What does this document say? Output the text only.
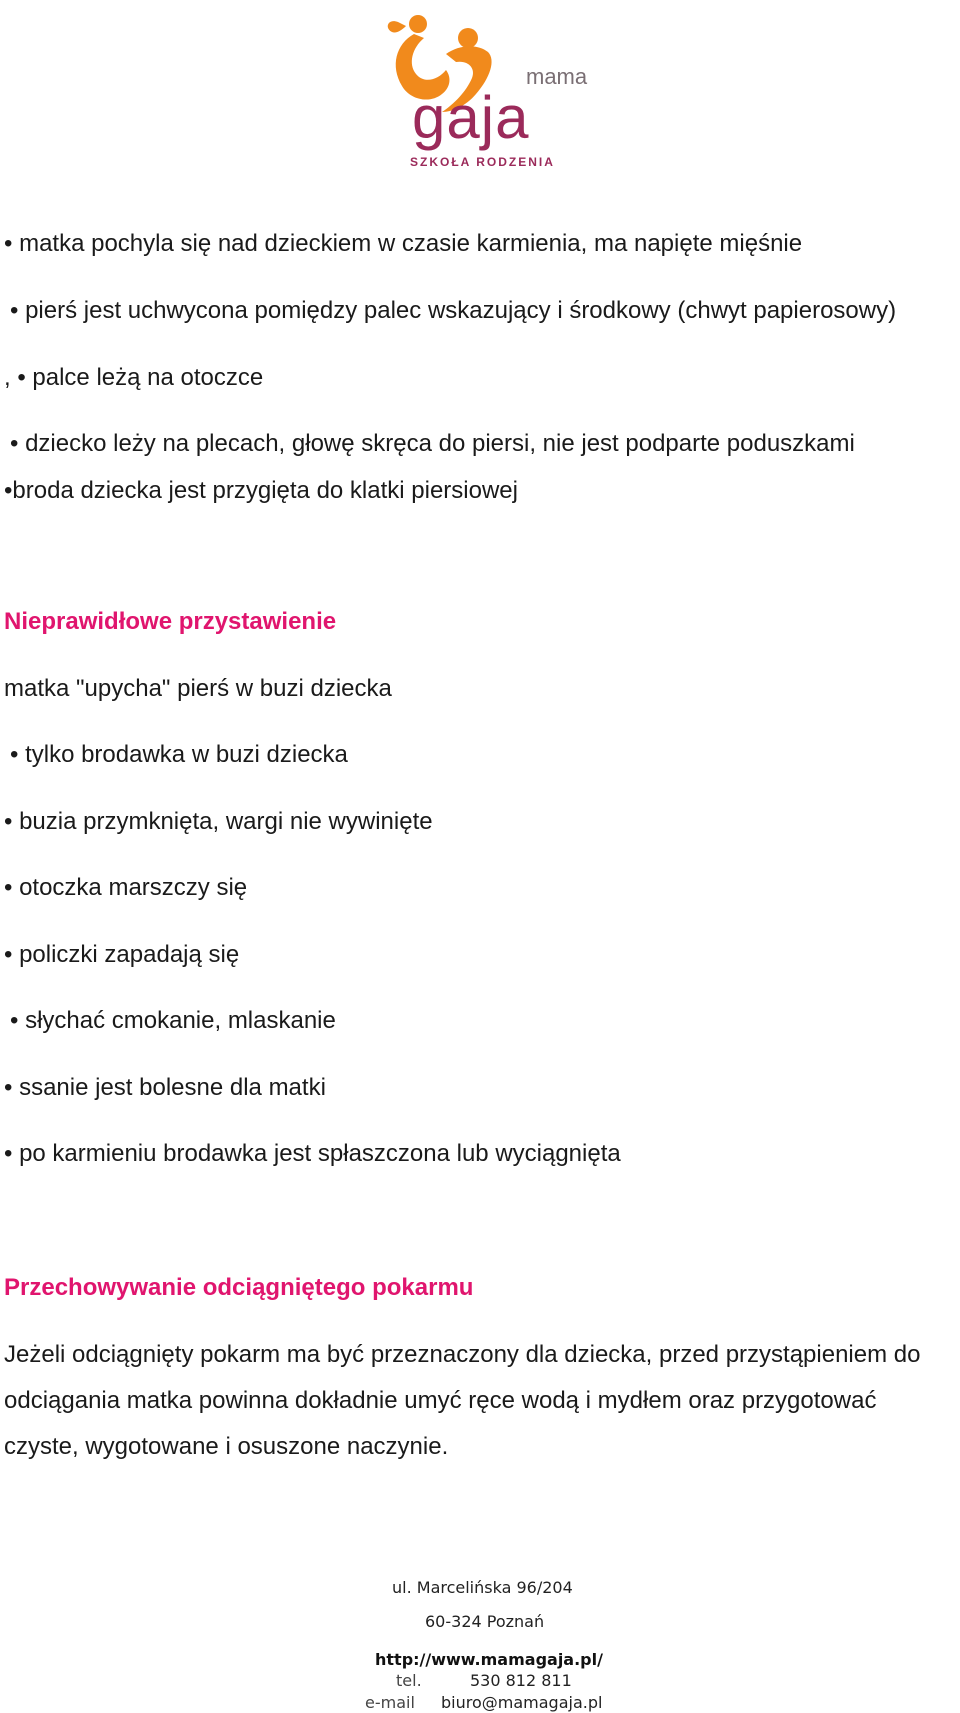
mama
gaja
SZKOŁA RODZENIA
• matka pochyla się nad dzieckiem w czasie karmienia, ma napięte mięśnie
• pierś jest uchwycona pomiędzy palec wskazujący i środkowy (chwyt papierosowy)
, • palce leżą na otoczce
• dziecko leży na plecach, głowę skręca do piersi, nie jest podparte poduszkami
•broda dziecka jest przygięta do klatki piersiowej
Nieprawidłowe przystawienie
matka "upycha" pierś w buzi dziecka
• tylko brodawka w buzi dziecka
• buzia przymknięta, wargi nie wywinięte
• otoczka marszczy się
• policzki zapadają się
• słychać cmokanie, mlaskanie
• ssanie jest bolesne dla matki
• po karmieniu brodawka jest spłaszczona lub wyciągnięta
Przechowywanie odciągniętego pokarmu
Jeżeli odciągnięty pokarm ma być przeznaczony dla dziecka, przed przystąpieniem do
odciągania matka powinna dokładnie umyć ręce wodą i mydłem oraz przygotować
czyste, wygotowane i osuszone naczynie.
ul. Marcelińska 96/204
60-324 Poznań
http://www.mamagaja.pl/
tel.	530 812 811
e-mail biuro@mamagaja.pl
